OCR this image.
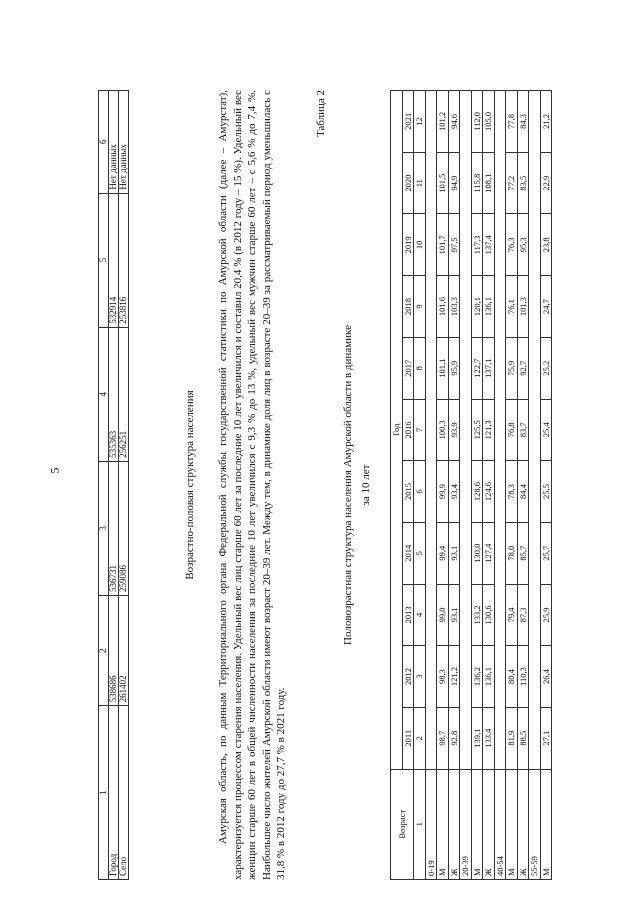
5
1	2	3	4	5	6
Город	538686	536731	535363	532914	Нет данных
Село	261402	259086	256251	253816	Нет данных
Возрастно-половая структура населения Амурская область, по данным Территориального органа Федеральной службы государственной статистики по Амурской области (далее – Амурстат), характеризуется процессом старения населения. Удельный вес лиц старше 60 лет за последние 10 лет увеличился и составил 20,4 % (в 2012 году – 15 %). Удельный вес женщин старше 60 лет в общей численности населения за последние 10 лет увеличился с 9,3 % до 13 %, удельный вес мужчин старше 60 лет – с 5,6 % до 7,4 %. Наибольшее число жителей Амурской области имеют возраст 20–39 лет. Между тем, в динамике доля лиц в возрасте 20–39 за рассматриваемый период уменьшилась с 31,8 % в 2012 году до 27,7 % в 2021 году.

Таблица 2
Половозрастная структура населения Амурской области в динамике за 10 лет
Возраст	Год										
	2011	2012	2013	2014	2015	2016	2017	2018	2019	2020	2021
1	2	3	4	5	6	7	8	9	10	11	12
0-19											
М	98,7	98,3	99,0	99,4	99,9	100,3	101,1	101,6	101,7	101,5	101,2
Ж	92,8	121,2	93,1	93,1	93,4	93,9	95,9	103,3	97,5	94,9	94,6
20-39											
М	139,1	136,2	133,2	130,0	128,6	125,5	122,7	120,1	117,3	115,8	112,0
Ж	133,4	136,1	130,6	127,4	124,6	121,3	137,1	136,1	137,4	108,1	105,0
40-54											
М	81,9	80,4	79,4	78,0	78,3	76,8	75,9	76,1	76,3	77,2	77,8
Ж	88,5	110,3	87,3	85,7	84,4	83,7	92,7	101,3	95,3	83,5	84,3
55-59											
М	27,1	26,4	25,9	25,7	25,5	25,4	25,2	24,7	23,8	22,9	21,2
